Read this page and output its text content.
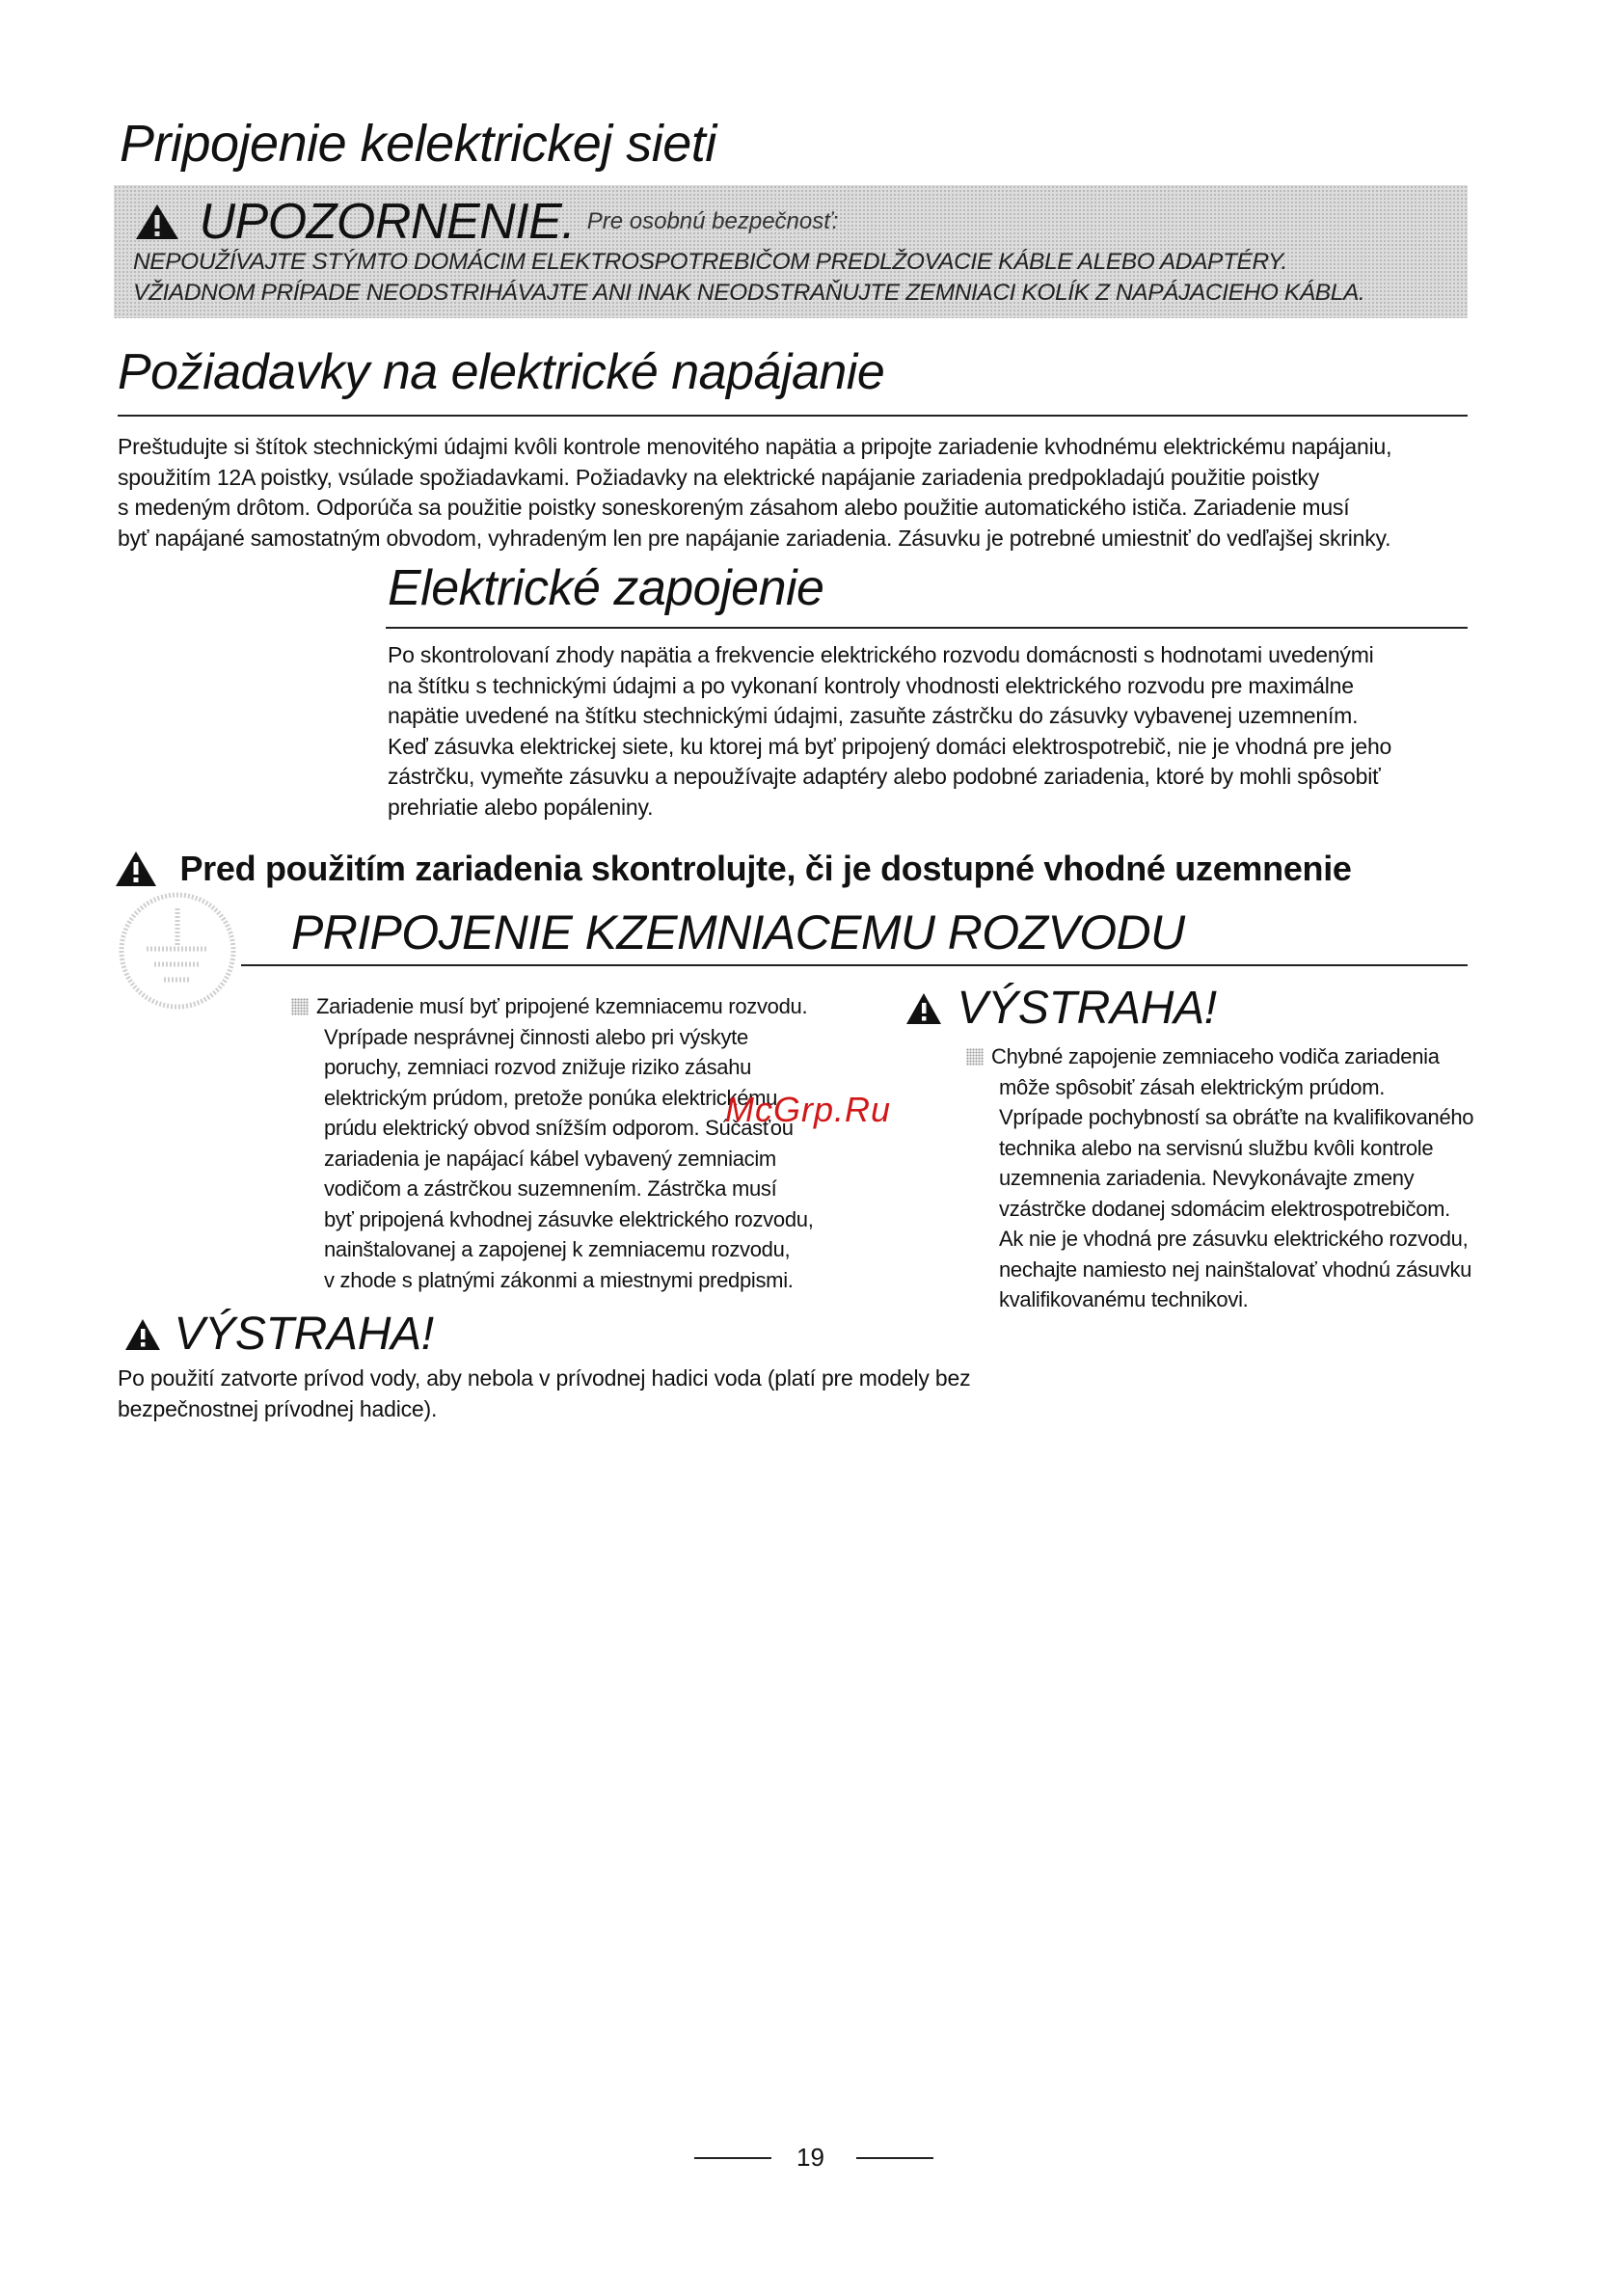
Pripojenie kelektrickej sieti
UPOZORNENIE. Pre osobnú bezpečnosť:
NEPOUŽÍVAJTE STÝMTO DOMÁCIM ELEKTROSPOTREBIČOM PREDLŽOVACIE KÁBLE ALEBO ADAPTÉRY.
VŽIADNOM PRÍPADE NEODSTRIHÁVAJTE ANI INAK NEODSTRAŇUJTE ZEMNIACI KOLÍK Z NAPÁJACIEHO KÁBLA.
Požiadavky na elektrické napájanie

Preštudujte si štítok stechnickými údajmi kvôli kontrole menovitého napätia a pripojte zariadenie kvhodnému elektrickému napájaniu,

spoužitím 12A poistky, vsúlade spožiadavkami. Požiadavky na elektrické napájanie zariadenia predpokladajú použitie poistky

s medeným drôtom. Odporúča sa použitie poistky soneskoreným zásahom alebo použitie automatického ističa. Zariadenie musí

byť napájané samostatným obvodom, vyhradeným len pre napájanie zariadenia. Zásuvku je potrebné umiestniť do vedľajšej skrinky.

Elektrické zapojenie

Po skontrolovaní zhody napätia a frekvencie elektrického rozvodu domácnosti s hodnotami uvedenými

na štítku s technickými údajmi a po vykonaní kontroly vhodnosti elektrického rozvodu pre maximálne

napätie uvedené na štítku stechnickými údajmi, zasuňte zástrčku do zásuvky vybavenej uzemnením.

Keď zásuvka elektrickej siete, ku ktorej má byť pripojený domáci elektrospotrebič, nie je vhodná pre jeho

zástrčku, vymeňte zásuvku a nepoužívajte adaptéry alebo podobné zariadenia, ktoré by mohli spôsobiť

prehriatie alebo popáleniny.

Pred použitím zariadenia skontrolujte, či je dostupné vhodné uzemnenie
PRIPOJENIE KZEMNIACEMU ROZVODU

Zariadenie musí byť pripojené kzemniacemu rozvodu.

Vprípade nesprávnej činnosti alebo pri výskyte

poruchy, zemniaci rozvod znižuje riziko zásahu

elektrickým prúdom, pretože ponúka elektrickému

prúdu elektrický obvod snížším odporom. Súčasťou

zariadenia je napájací kábel vybavený zemniacim

vodičom a zástrčkou suzemnením. Zástrčka musí

byť pripojená kvhodnej zásuvke elektrického rozvodu,

nainštalovanej a zapojenej k zemniacemu rozvodu,

v zhode s platnými zákonmi a miestnymi predpismi.

McGrp.Ru
VÝSTRAHA!

Chybné zapojenie zemniaceho vodiča zariadenia

môže spôsobiť zásah elektrickým prúdom.

Vprípade pochybností sa obráťte na kvalifikovaného

technika alebo na servisnú službu kvôli kontrole

uzemnenia zariadenia. Nevykonávajte zmeny

vzástrčke dodanej sdomácim elektrospotrebičom.

Ak nie je vhodná pre zásuvku elektrického rozvodu,

nechajte namiesto nej nainštalovať vhodnú zásuvku

kvalifikovanému technikovi.

VÝSTRAHA!

Po použití zatvorte prívod vody, aby nebola v prívodnej hadici voda (platí pre modely bez

bezpečnostnej prívodnej hadice).

19
